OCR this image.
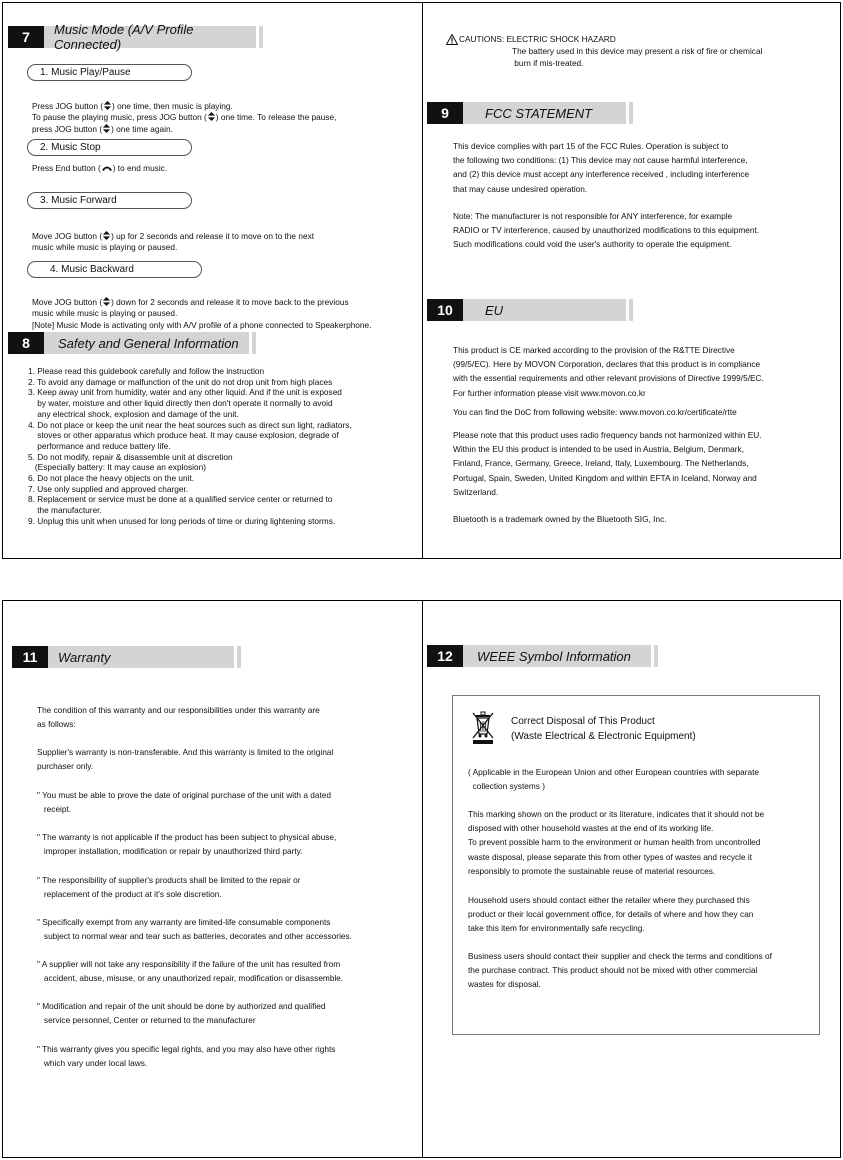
7	Music Mode (A/V Profile Connected)
1. Music Play/Pause

Press JOG button ( ) one time, then music is playing.
To pause the playing music, press JOG button ( ) one time. To release the pause,
press JOG button ( ) one time again.
2. Music Stop
Press End button ( ) to end music.
3. Music Forward

Move JOG button ( ) up for 2 seconds and release it to move on to the next
music while music is playing or paused.
4. Music Backward

Move JOG button ( ) down for 2 seconds and release it to move back to the previous
music while music is playing or paused.
[Note] Music Mode is activating only with A/V profile of a phone connected to Speakerphone.
8	Safety and General Information
1. Please read this guidebook carefully and follow the instruction
2. To avoid any damage or malfunction of the unit do not drop unit from high places
3. Keep away unit from humidity, water and any other liquid. And if the unit is exposed
by water, moisture and other liquid directly then don't operate it normally to avoid
any electrical shock, explosion and damage of the unit.
4. Do not place or keep the unit near the heat sources such as direct sun light, radiators,
stoves or other apparatus which produce heat. It may cause explosion, degrade of
performance and reduce battery life.
5. Do not modify, repair & disassemble unit at discretion
(Especially battery: It may cause an explosion)
6. Do not place the heavy objects on the unit.
7. Use only supplied and approved charger.
8. Replacement or service must be done at a qualified service center or returned to
the manufacturer.
9. Unplug this unit when unused for long periods of time or during lightening storms.
CAUTIONS: ELECTRIC SHOCK HAZARD
The battery used in this device may present a risk of fire or chemical
burn if mis-treated.
9	FCC STATEMENT
This device complies with part 15 of the FCC Rules. Operation is subject to
the following two conditions: (1) This device may not cause harmful interference,
and (2) this device must accept any interference received , including interference
that may cause undesired operation.
Note: The manufacturer is not responsible for ANY interference, for example
RADIO or TV interference, caused by unauthorized modifications to this equipment.
Such modifications could void the user's authority to operate the equipment.
10	EU
This product is CE marked according to the provision of the R&TTE Directive
(99/5/EC). Here by MOVON Corporation, declares that this product is in compliance
with the essential requirements and other relevant provisions of Directive 1999/5/EC.
For further information please visit www.movon.co.kr
You can find the DoC from following website: www.movon.co.kr/certificate/rtte
Please note that this product uses radio frequency bands not harmonized within EU.
Within the EU this product is intended to be used in Austria, Belgium, Denmark,
Finland, France, Germany, Greece, Ireland, Italy, Luxembourg. The Netherlands,
Portugal, Spain, Sweden, United Kingdom and within EFTA in Iceland, Norway and
Switzerland.
Bluetooth is a trademark owned by the Bluetooth SIG, Inc.
11	Warranty
The condition of this warranty and our responsibilities under this warranty are
as follows:
Supplier's warranty is non-transferable. And this warranty is limited to the original
purchaser only.
" You must be able to prove the date of original purchase of the unit with a dated
receipt.
" The warranty is not applicable if the product has been subject to physical abuse,
improper installation, modification or repair by unauthorized third party.
" The responsibility of supplier's products shall be limited to the repair or
replacement of the product at it's sole discretion.
" Specifically exempt from any warranty are limited-life consumable components
subject to normal wear and tear such as batteries, decorates and other accessories.
" A supplier will not take any responsibility if the failure of the unit has resulted from
accident, abuse, misuse, or any unauthorized repair, modification or disassemble.
" Modification and repair of the unit should be done by authorized and qualified
service personnel, Center or returned to the manufacturer
" This warranty gives you specific legal rights, and you may also have other rights
which vary under local laws.
12	WEEE Symbol Information
Correct Disposal of This Product
(Waste Electrical & Electronic Equipment)
( Applicable in the European Union and other European countries with separate
collection systems )
This marking shown on the product or its literature, indicates that it should not be
disposed with other household wastes at the end of its working life.
To prevent possible harm to the environment or human health from uncontrolled
waste disposal, please separate this from other types of wastes and recycle it
responsibly to promote the sustainable reuse of material resources.
Household users should contact either the retailer where they purchased this
product or their local government office, for details of where and how they can
take this item for environmentally safe recycling.
Business users should contact their supplier and check the terms and conditions of
the purchase contract. This product should not be mixed with other commercial
wastes for disposal.
